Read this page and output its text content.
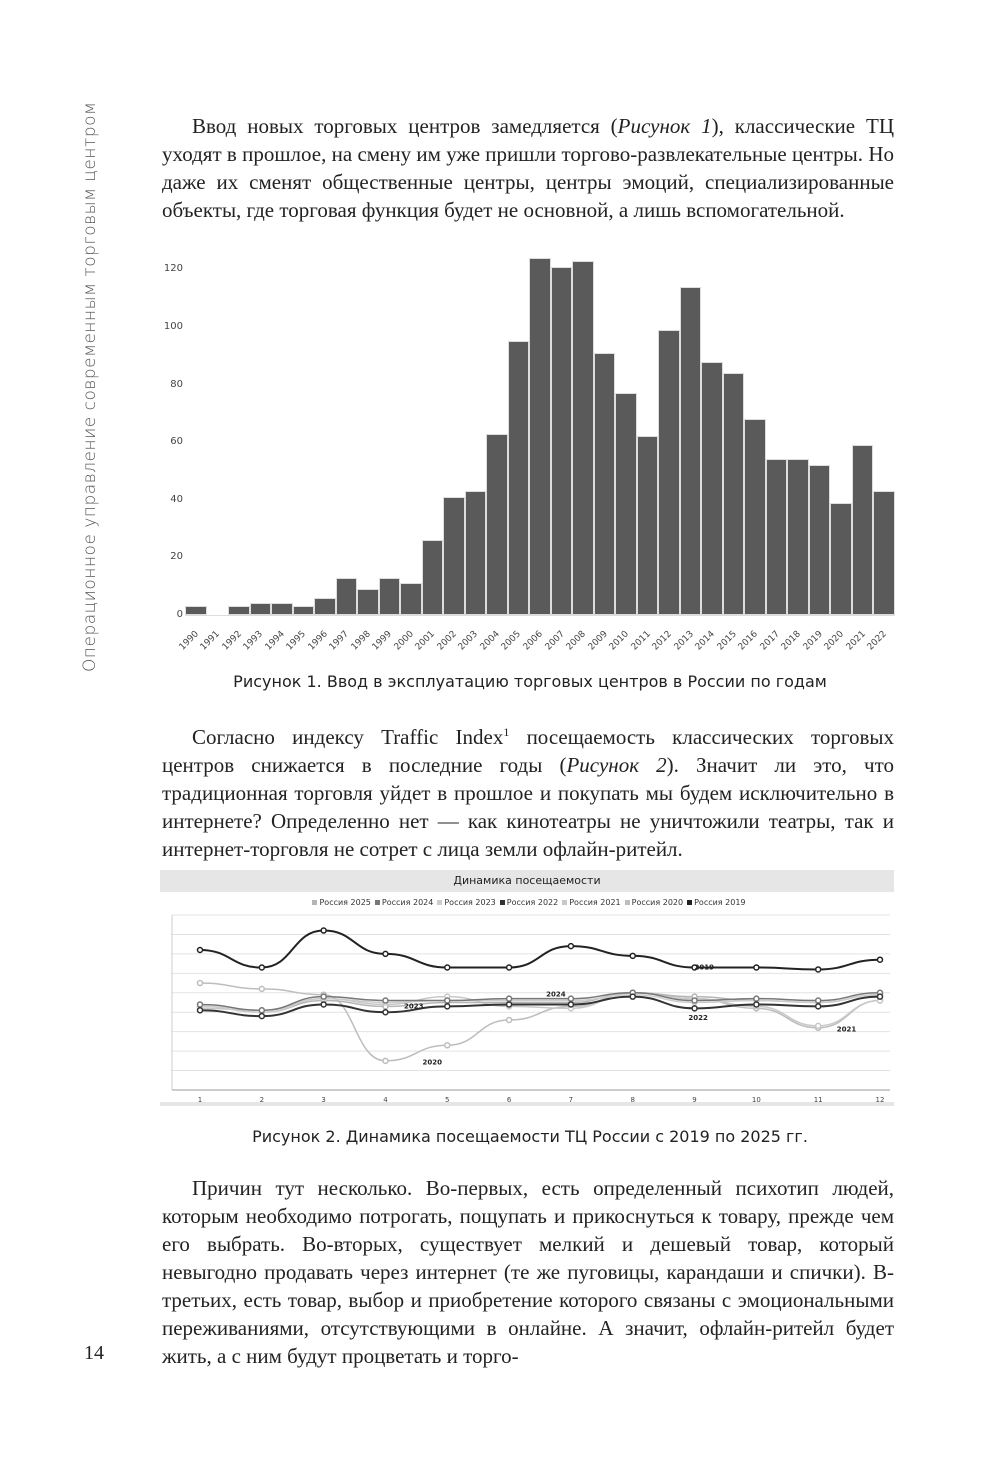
Операционное управление современным торговым центром	Ввод новых торговых центров замедляется (Рисунок 1), классические ТЦ уходят в прошлое, на смену им уже пришли торгово-развлекательные центры. Но даже их сменят общественные центры, центры эмоций, специализированные объекты, где торговая функция будет не основной, а лишь вспомогательной.

0
20
40
60
80
100
120
1990
1991
1992
1993
1994
1995
1996
1997
1998
1999
2000
2001
2002
2003
2004
2005
2006
2007
2008
2009
2010
2011
2012
2013
2014
2015
2016
2017
2018
2019
2020
2021
2022
Рисунок 1. Ввод в эксплуатацию торговых центров в России по годам

Согласно индексу Traffic Index$^1$ посещаемость классических торговых центров снижается в последние годы (Рисунок 2). Значит ли это, что традиционная торговля уйдет в прошлое и покупать мы будем исключительно в интернете? Определенно нет — как кинотеатры не уничтожили театры, так и интернет-торговля не сотрет с лица земли офлайн-ритейл.

Динамика посещаемости
Россия 2025 Россия 2024 Россия 2023 Россия 2022 Россия 2021 Россия 2020 Россия 2019
1	2	3	4	5	6	7	8	9	10	11	12
2019
2020
2023
2024
2022
2021
Рисунок 2. Динамика посещаемости ТЦ России с 2019 по 2025 гг.

Причин тут несколько. Во-первых, есть определенный психотип людей, которым необходимо потрогать, пощупать и прикоснуться к товару, прежде чем его выбрать. Во-вторых, существует мелкий и дешевый товар, который невыгодно продавать через интернет (те же пуговицы, карандаши и спички). В-третьих, есть товар, выбор и приобретение которого связаны с эмоциональными переживаниями, отсутствующими в онлайне. А значит, офлайн-ритейл будет жить, а с ним будут процветать и торго-

14
